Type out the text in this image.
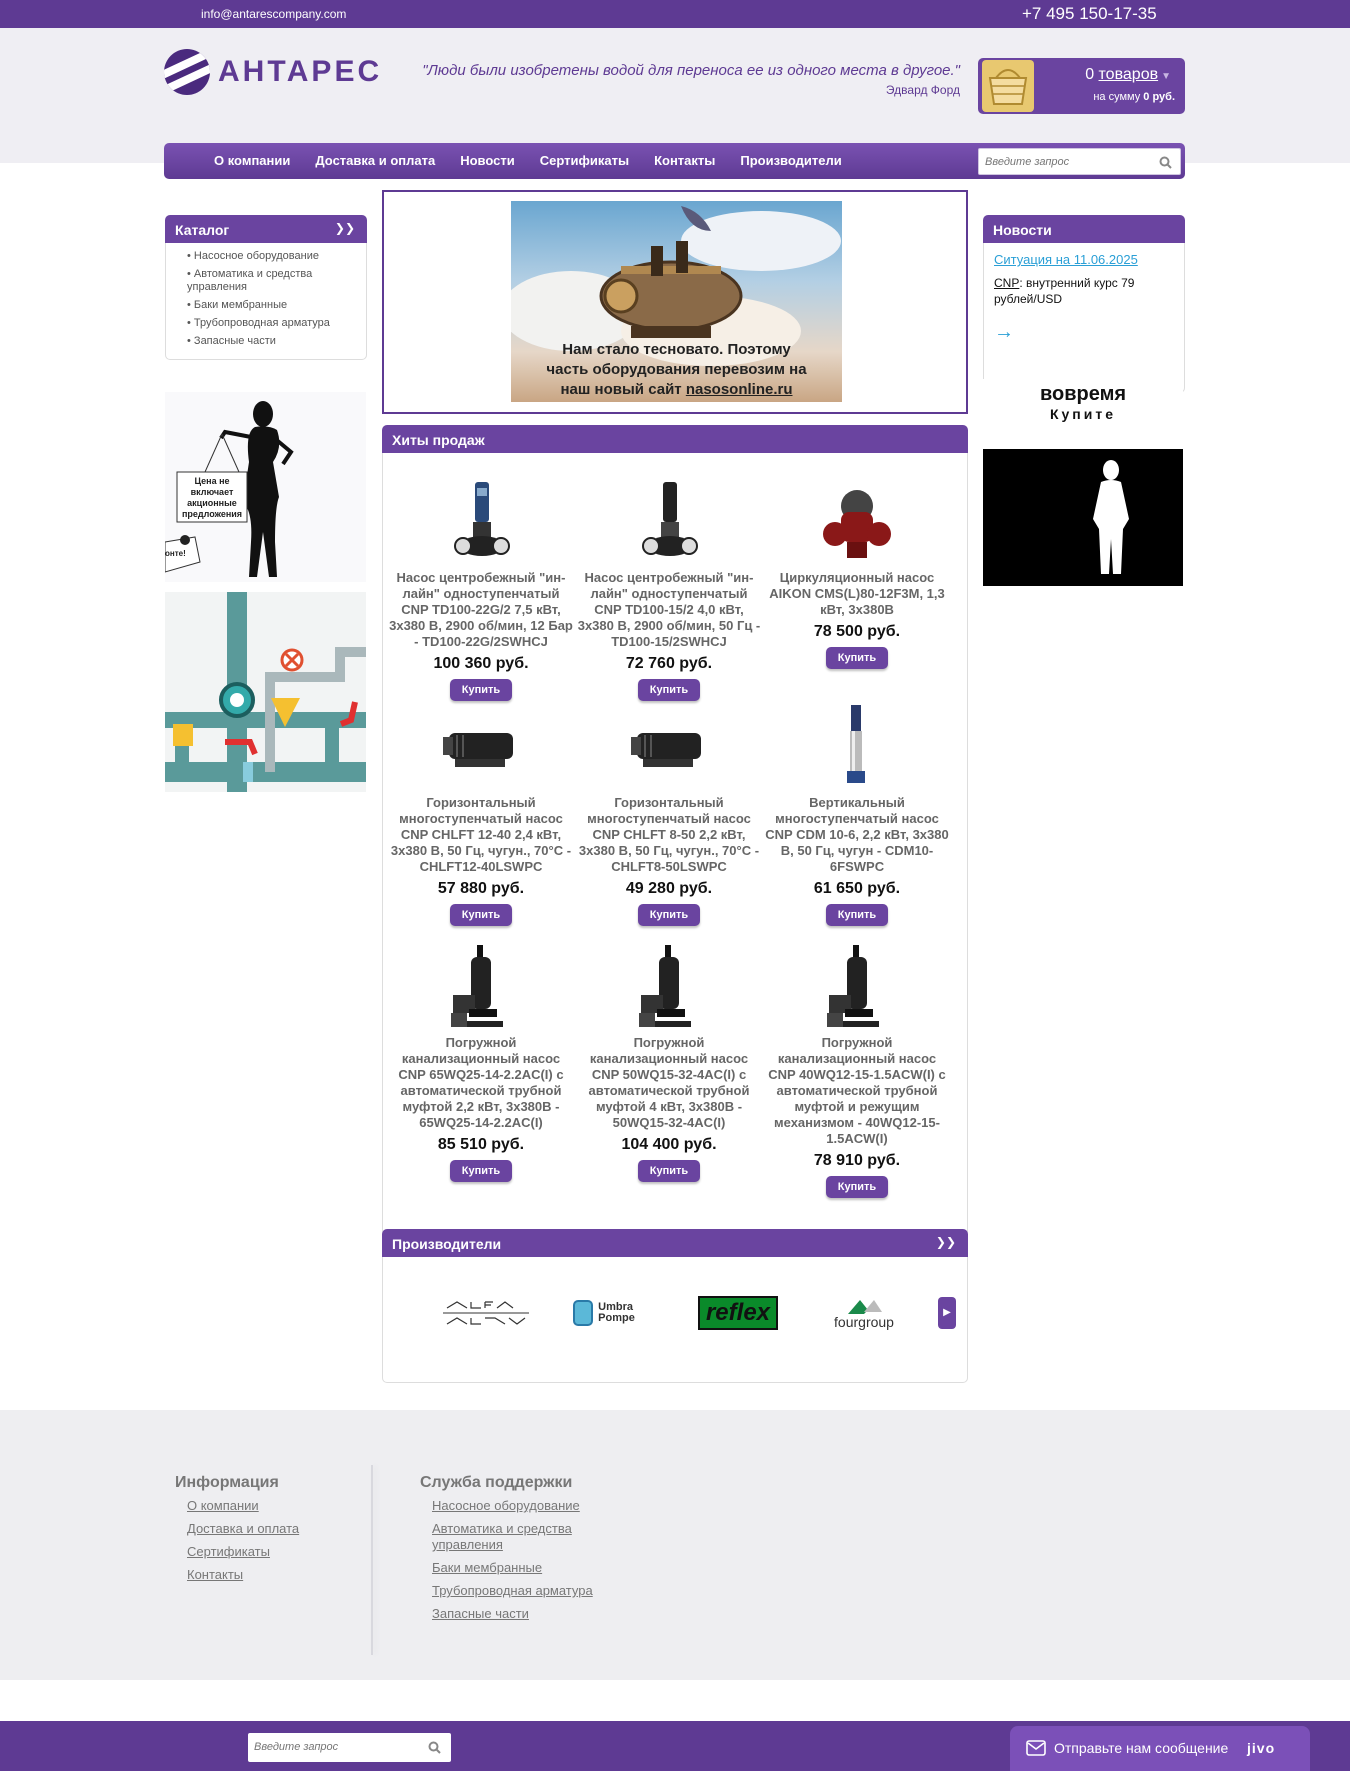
info@antarescompany.com	+7 495 150-17-35
АНТАРЕС	"Люди были изобретены водой для переноса ее из одного места в другое."
Эдвард Форд
0 товаров ▼
на сумму 0 руб.
О компании Доставка и оплата Новости Сертификаты Контакты Производители
Введите запрос
Каталог	❯❯
• Насосное оборудование
• Автоматика и средства управления
• Баки мембранные
• Трубопроводная арматура
• Запасные части
Цена не включает акционные предложения
онте!
Нам стало тесновато. Поэтому
часть оборудования перевозим на
наш новый сайт nasosonline.ru
Хиты продаж
Насос центробежный "ин-лайн" одноступенчатый CNP TD100-22G/2 7,5 кВт, 3х380 В, 2900 об/мин, 12 Бар - TD100-22G/2SWHCJ
100 360 руб.
Купить
Насос центробежный "ин-лайн" одноступенчатый CNP TD100-15/2 4,0 кВт, 3х380 В, 2900 об/мин, 50 Гц - TD100-15/2SWHCJ
72 760 руб.
Купить
Циркуляционный насос AIKON CMS(L)80-12F3M, 1,3 кВт, 3х380В
78 500 руб.
Купить
Горизонтальный многоступенчатый насос CNP CHLFT 12-40 2,4 кВт, 3х380 В, 50 Гц, чугун., 70°С - CHLFT12-40LSWPC
57 880 руб.
Купить
Горизонтальный многоступенчатый насос CNP CHLFT 8-50 2,2 кВт, 3х380 В, 50 Гц, чугун., 70°С - CHLFT8-50LSWPC
49 280 руб.
Купить
Вертикальный многоступенчатый насос CNP CDM 10-6, 2,2 кВт, 3х380 В, 50 Гц, чугун - CDM10-6FSWPC
61 650 руб.
Купить
Погружной канализационный насос CNP 65WQ25-14-2.2AC(I) с автоматической трубной муфтой 2,2 кВт, 3х380В - 65WQ25-14-2.2AC(I)
85 510 руб.
Купить
Погружной канализационный насос CNP 50WQ15-32-4AC(I) с автоматической трубной муфтой 4 кВт, 3х380В - 50WQ15-32-4AC(I)
104 400 руб.
Купить
Погружной канализационный насос CNP 40WQ12-15-1.5ACW(I) с автоматической трубной муфтой и режущим механизмом - 40WQ12-15-1.5ACW(I)
78 910 руб.
Купить
Производители	❯❯
Umbra Pompe	reflex	fourgroup
▶
Новости
Ситуация на 11.06.2025
CNP: внутренний курс 79 рублей/USD
→
вовремя
Купите
Информация
О компании
Доставка и оплата
Сертификаты
Контакты
Служба поддержки
Насосное оборудование
Автоматика и средства управления
Баки мембранные
Трубопроводная арматура
Запасные части
Введите запрос
Отправьте нам сообщение jivo
